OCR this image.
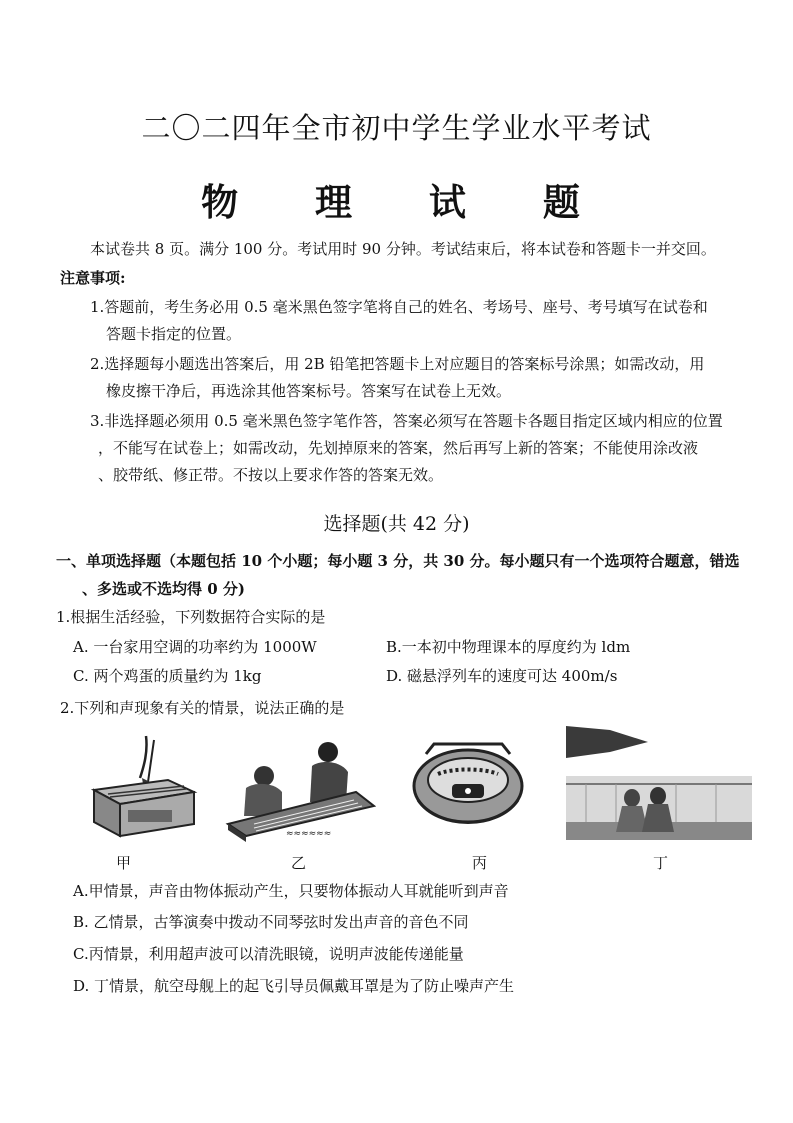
二〇二四年全市初中学生学业水平考试
物 理 试 题
本试卷共 8 页。满分 100 分。考试用时 90 分钟。考试结束后，将本试卷和答题卡一并交回。
注意事项:
1.答题前，考生务必用 0.5 毫米黑色签字笔将自己的姓名、考场号、座号、考号填写在试卷和
答题卡指定的位置。
2.选择题每小题选出答案后，用 2B 铅笔把答题卡上对应题目的答案标号涂黑；如需改动，用
橡皮擦干净后，再选涂其他答案标号。答案写在试卷上无效。
3.非选择题必须用 0.5 毫米黑色签字笔作答，答案必须写在答题卡各题目指定区域内相应的位置
，不能写在试卷上；如需改动，先划掉原来的答案，然后再写上新的答案；不能使用涂改液
、胶带纸、修正带。不按以上要求作答的答案无效。
选择题(共 42 分)
一、单项选择题（本题包括 10 个小题；每小题 3 分，共 30 分。每小题只有一个选项符合题意，错选
、多选或不选均得 0 分)
1.根据生活经验，下列数据符合实际的是
A. 一台家用空调的功率约为 1000W	B.一本初中物理课本的厚度约为 ldm
C. 两个鸡蛋的质量约为 1kg	D. 磁悬浮列车的速度可达 400m/s
2.下列和声现象有关的情景，说法正确的是
≈≈≈≈≈≈
甲	乙	丙	丁
A.甲情景，声音由物体振动产生，只要物体振动人耳就能听到声音
B. 乙情景，古筝演奏中拨动不同琴弦时发出声音的音色不同
C.丙情景，利用超声波可以清洗眼镜，说明声波能传递能量
D. 丁情景，航空母舰上的起飞引导员佩戴耳罩是为了防止噪声产生
